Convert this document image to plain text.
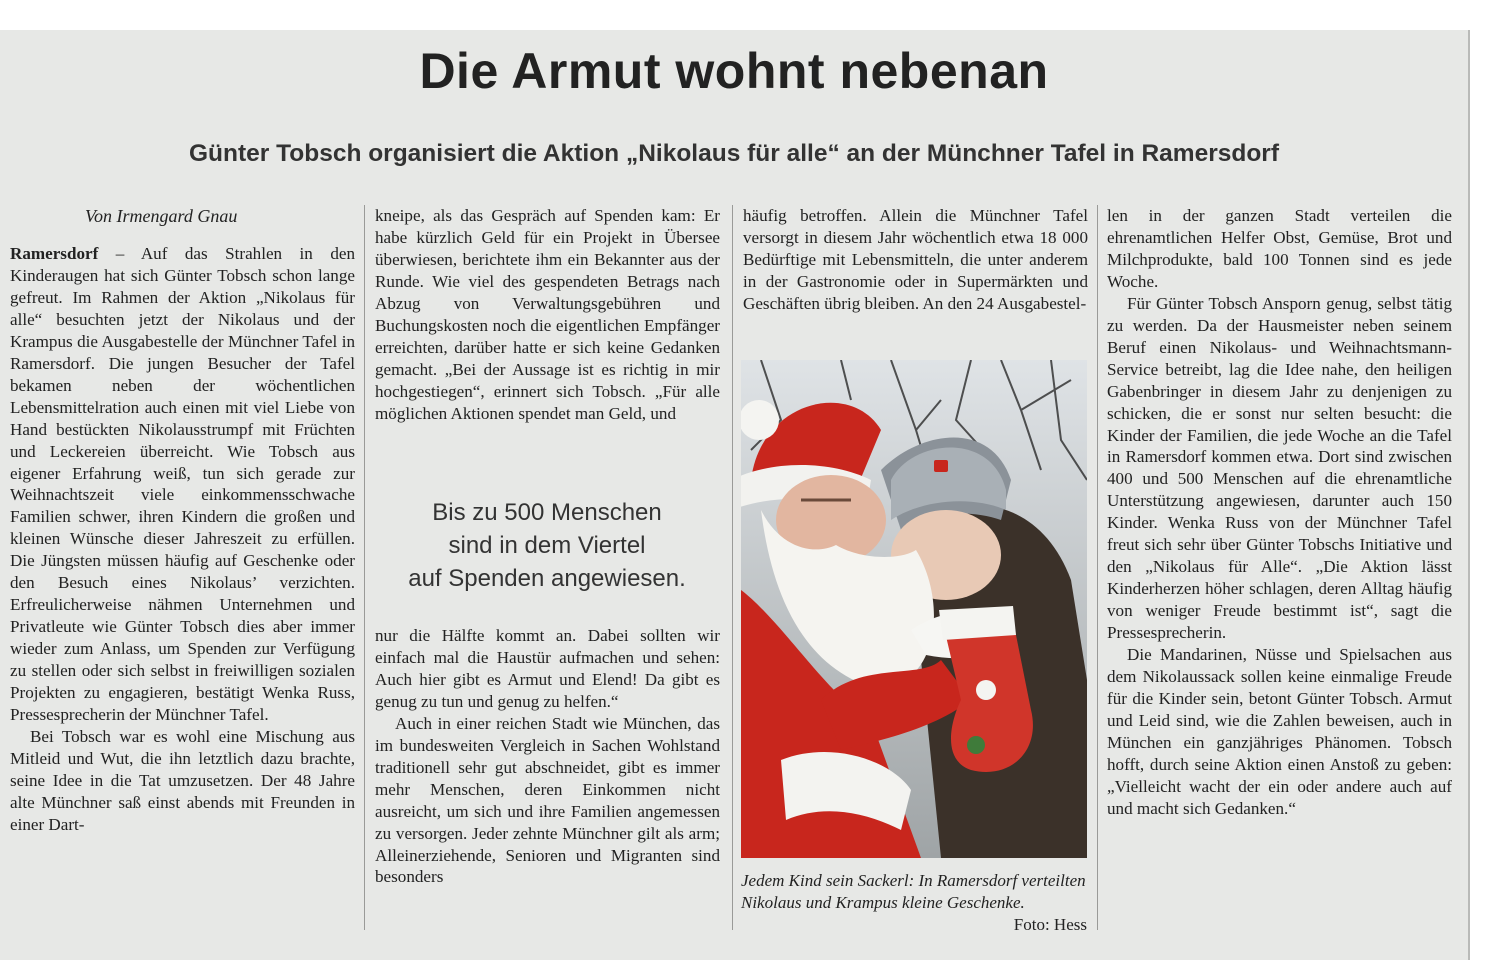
Die Armut wohnt nebenan
Günter Tobsch organisiert die Aktion „Nikolaus für alle“ an der Münchner Tafel in Ramersdorf
Von Irmengard Gnau

Ramersdorf – Auf das Strahlen in den Kinderaugen hat sich Günter Tobsch schon lange gefreut. Im Rahmen der Aktion „Nikolaus für alle“ besuchten jetzt der Nikolaus und der Krampus die Ausgabestelle der Münchner Tafel in Ramersdorf. Die jungen Besucher der Tafel bekamen neben der wöchentlichen Lebensmittelration auch einen mit viel Liebe von Hand bestückten Nikolausstrumpf mit Früchten und Leckereien überreicht. Wie Tobsch aus eigener Erfahrung weiß, tun sich gerade zur Weihnachtszeit viele einkommensschwache Familien schwer, ihren Kindern die großen und kleinen Wünsche dieser Jahreszeit zu erfüllen. Die Jüngsten müssen häufig auf Geschenke oder den Besuch eines Nikolaus’ verzichten. Erfreulicherweise nähmen Unternehmen und Privatleute wie Günter Tobsch dies aber immer wieder zum Anlass, um Spenden zur Verfügung zu stellen oder sich selbst in freiwilligen sozialen Projekten zu engagieren, bestätigt Wenka Russ, Pressesprecherin der Münchner Tafel.

Bei Tobsch war es wohl eine Mischung aus Mitleid und Wut, die ihn letztlich dazu brachte, seine Idee in die Tat umzusetzen. Der 48 Jahre alte Münchner saß einst abends mit Freunden in einer Dart-

kneipe, als das Gespräch auf Spenden kam: Er habe kürzlich Geld für ein Projekt in Übersee überwiesen, berichtete ihm ein Bekannter aus der Runde. Wie viel des gespendeten Betrags nach Abzug von Verwaltungsgebühren und Buchungskosten noch die eigentlichen Empfänger erreichten, darüber hatte er sich keine Gedanken gemacht. „Bei der Aussage ist es richtig in mir hochgestiegen“, erinnert sich Tobsch. „Für alle möglichen Aktionen spendet man Geld, und

Bis zu 500 Menschen
sind in dem Viertel
auf Spenden angewiesen.

nur die Hälfte kommt an. Dabei sollten wir einfach mal die Haustür aufmachen und sehen: Auch hier gibt es Armut und Elend! Da gibt es genug zu tun und genug zu helfen.“

Auch in einer reichen Stadt wie München, das im bundesweiten Vergleich in Sachen Wohlstand traditionell sehr gut abschneidet, gibt es immer mehr Menschen, deren Einkommen nicht ausreicht, um sich und ihre Familien angemessen zu versorgen. Jeder zehnte Münchner gilt als arm; Alleinerziehende, Senioren und Migranten sind besonders

häufig betroffen. Allein die Münchner Tafel versorgt in diesem Jahr wöchentlich etwa 18 000 Bedürftige mit Lebensmitteln, die unter anderem in der Gastronomie oder in Supermärkten und Geschäften übrig bleiben. An den 24 Ausgabestel-

Jedem Kind sein Sackerl: In Ramersdorf verteilten Nikolaus und Krampus kleine Geschenke.
Foto: Hess

len in der ganzen Stadt verteilen die ehrenamtlichen Helfer Obst, Gemüse, Brot und Milchprodukte, bald 100 Tonnen sind es jede Woche.

Für Günter Tobsch Ansporn genug, selbst tätig zu werden. Da der Hausmeister neben seinem Beruf einen Nikolaus- und Weihnachtsmann-Service betreibt, lag die Idee nahe, den heiligen Gabenbringer in diesem Jahr zu denjenigen zu schicken, die er sonst nur selten besucht: die Kinder der Familien, die jede Woche an die Tafel in Ramersdorf kommen etwa. Dort sind zwischen 400 und 500 Menschen auf die ehrenamtliche Unterstützung angewiesen, darunter auch 150 Kinder. Wenka Russ von der Münchner Tafel freut sich sehr über Günter Tobschs Initiative und den „Nikolaus für Alle“. „Die Aktion lässt Kinderherzen höher schlagen, deren Alltag häufig von weniger Freude bestimmt ist“, sagt die Pressesprecherin.

Die Mandarinen, Nüsse und Spielsachen aus dem Nikolaussack sollen keine einmalige Freude für die Kinder sein, betont Günter Tobsch. Armut und Leid sind, wie die Zahlen beweisen, auch in München ein ganzjähriges Phänomen. Tobsch hofft, durch seine Aktion einen Anstoß zu geben: „Vielleicht wacht der ein oder andere auch auf und macht sich Gedanken.“
